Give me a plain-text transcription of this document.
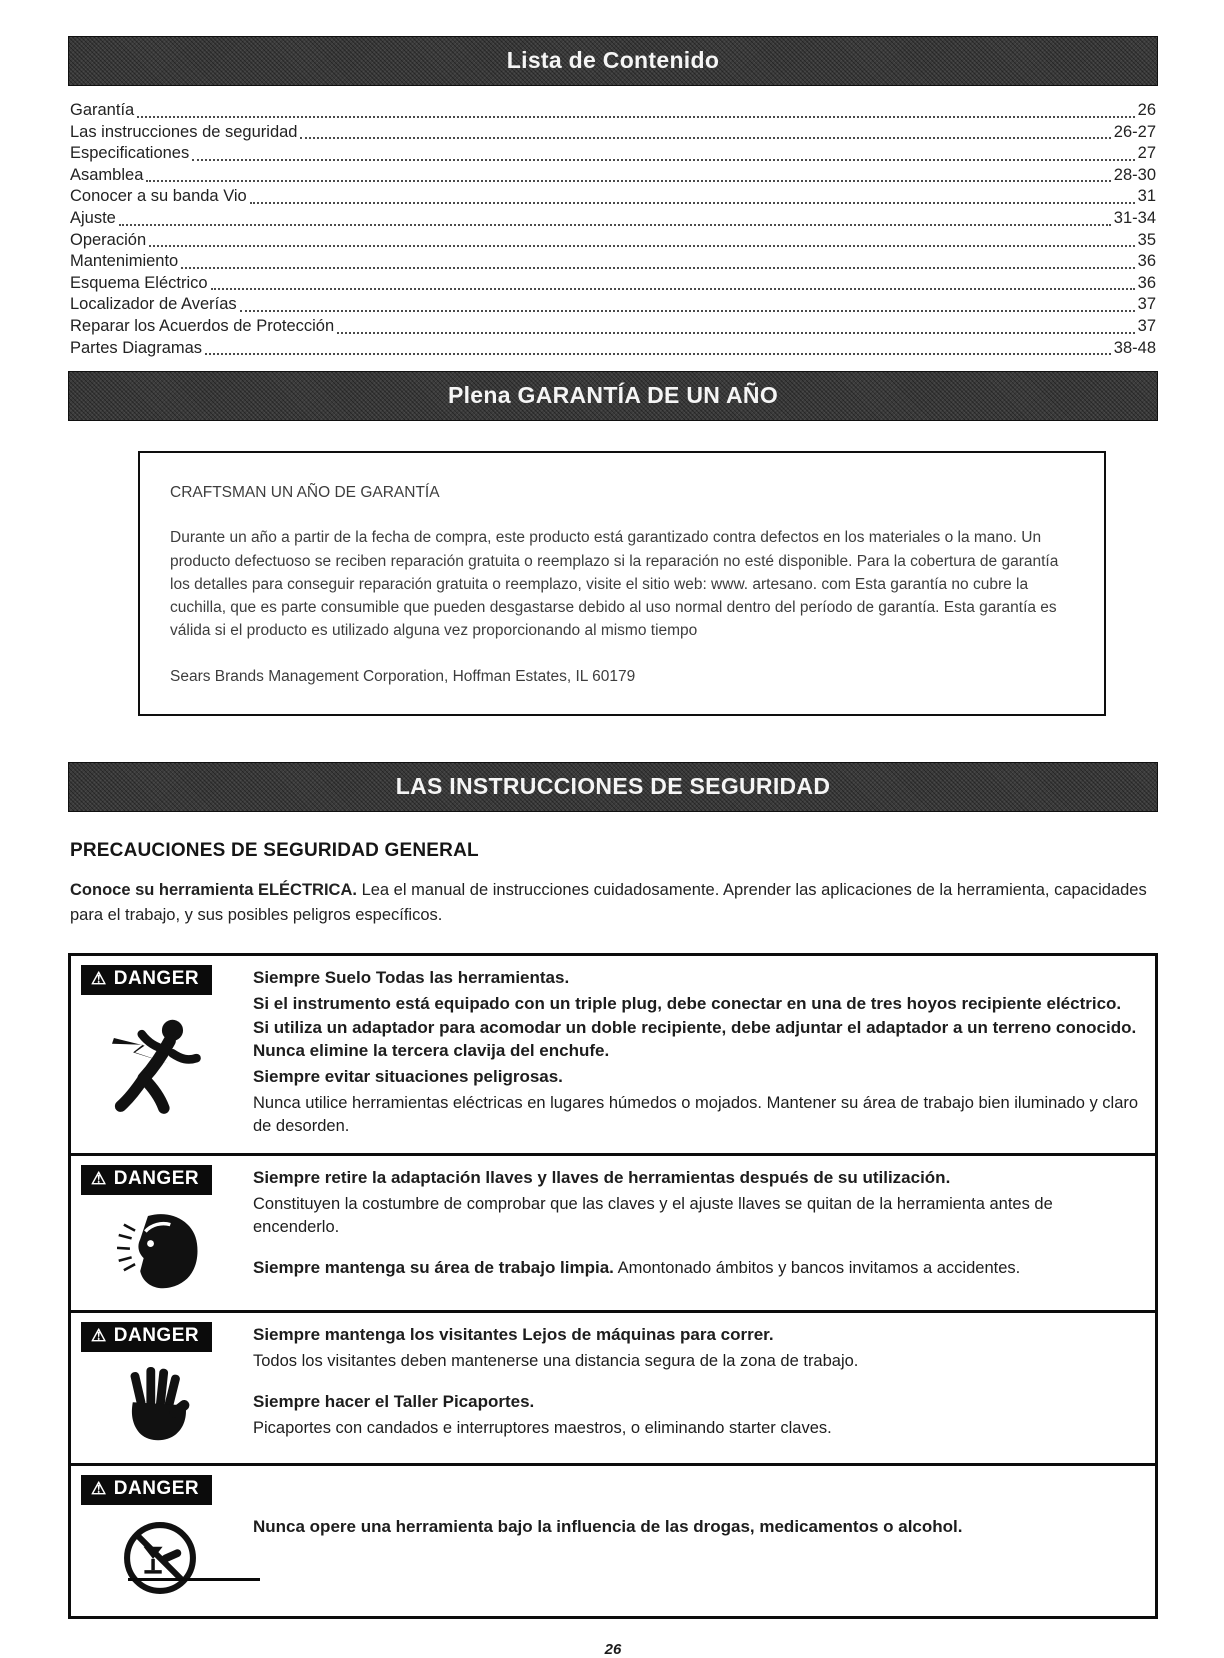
Lista de Contenido
Garantía	26
Las instrucciones de seguridad	26-27
Especificationes	27
Asamblea	28-30
Conocer a su banda Vio	31
Ajuste	31-34
Operación	35
Mantenimiento	36
Esquema Eléctrico	36
Localizador de Averías	37
Reparar los Acuerdos de Protección	37
Partes Diagramas	38-48
Plena GARANTÍA DE UN AÑO
CRAFTSMAN UN AÑO DE GARANTÍA
Durante un año a partir de la fecha de compra, este producto está garantizado contra defectos en los materiales o la mano. Un producto defectuoso se reciben reparación gratuita o reemplazo si la reparación no esté disponible. Para la cobertura de garantía los detalles para conseguir reparación gratuita o reemplazo, visite el sitio web: www. artesano. com Esta garantía no cubre la cuchilla, que es parte consumible que pueden desgastarse debido al uso normal dentro del período de garantía. Esta garantía es válida si el producto es utilizado alguna vez proporcionando al mismo tiempo
Sears Brands Management Corporation, Hoffman Estates, IL 60179
LAS INSTRUCCIONES DE SEGURIDAD
PRECAUCIONES DE SEGURIDAD GENERAL

Conoce su herramienta ELÉCTRICA. Lea el manual de instrucciones cuidadosamente. Aprender las aplicaciones de la herramienta, capacidades para el trabajo, y sus posibles peligros específicos.

⚠ DANGER	Siempre Suelo Todas las herramientas.

Si el instrumento está equipado con un triple plug, debe conectar en una de tres hoyos recipiente eléctrico. Si utiliza un adaptador para acomodar un doble recipiente, debe adjuntar el adaptador a un terreno conocido. Nunca elimine la tercera clavija del enchufe.

Siempre evitar situaciones peligrosas.

Nunca utilice herramientas eléctricas en lugares húmedos o mojados. Mantener su área de trabajo bien iluminado y claro de desorden.

⚠ DANGER	Siempre retire la adaptación llaves y llaves de herramientas después de su utilización.

Constituyen la costumbre de comprobar que las claves y el ajuste llaves se quitan de la herramienta antes de encenderlo.

Siempre mantenga su área de trabajo limpia. Amontonado ámbitos y bancos invitamos a accidentes.

⚠ DANGER	Siempre mantenga los visitantes Lejos de máquinas para correr.

Todos los visitantes deben mantenerse una distancia segura de la zona de trabajo.

Siempre hacer el Taller Picaportes.

Picaportes con candados e interruptores maestros, o eliminando starter claves.

⚠ DANGER

Nunca opere una herramienta bajo la influencia de las drogas, medicamentos o alcohol.

26
